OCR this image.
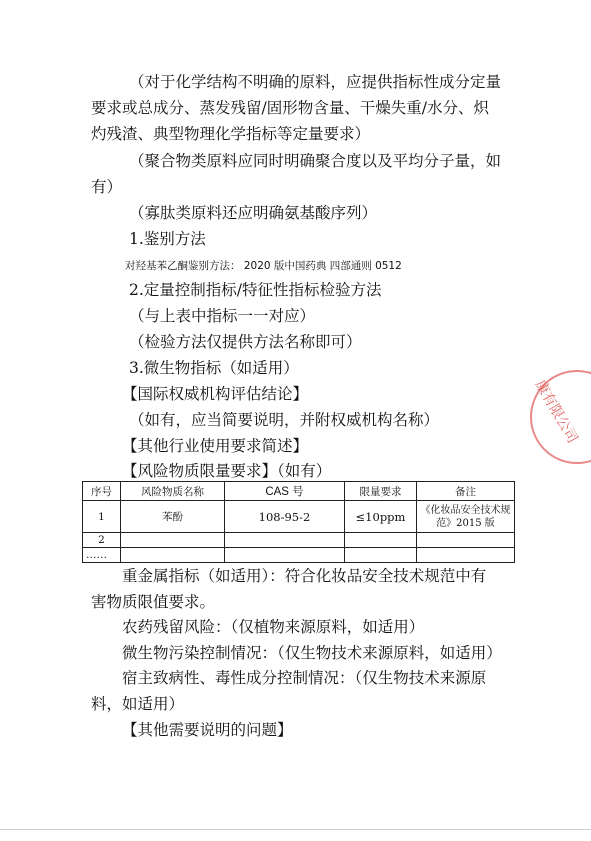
（对于化学结构不明确的原料，应提供指标性成分定量
要求或总成分、蒸发残留/固形物含量、干燥失重/水分、炽
灼残渣、典型物理化学指标等定量要求）
（聚合物类原料应同时明确聚合度以及平均分子量，如
有）
（寡肽类原料还应明确氨基酸序列）
1.鉴别方法
对羟基苯乙酮鉴别方法： 2020 版中国药典 四部通则 0512
2.定量控制指标/特征性指标检验方法
（与上表中指标一一对应）
（检验方法仅提供方法名称即可）
3.微生物指标（如适用）
【国际权威机构评估结论】
（如有，应当简要说明，并附权威机构名称）
【其他行业使用要求简述】
【风险物质限量要求】（如有）
序号	风险物质名称	CAS 号	限量要求	备注
1	苯酚	108-95-2	≤10ppm	《化妆品安全技术规范》2015 版
2				
……				
重金属指标（如适用）：符合化妆品安全技术规范中有
害物质限值要求。
农药残留风险：（仅植物来源原料，如适用）
微生物污染控制情况：（仅生物技术来源原料，如适用）
宿主致病性、毒性成分控制情况：（仅生物技术来源原
料，如适用）
【其他需要说明的问题】
康有限公司
